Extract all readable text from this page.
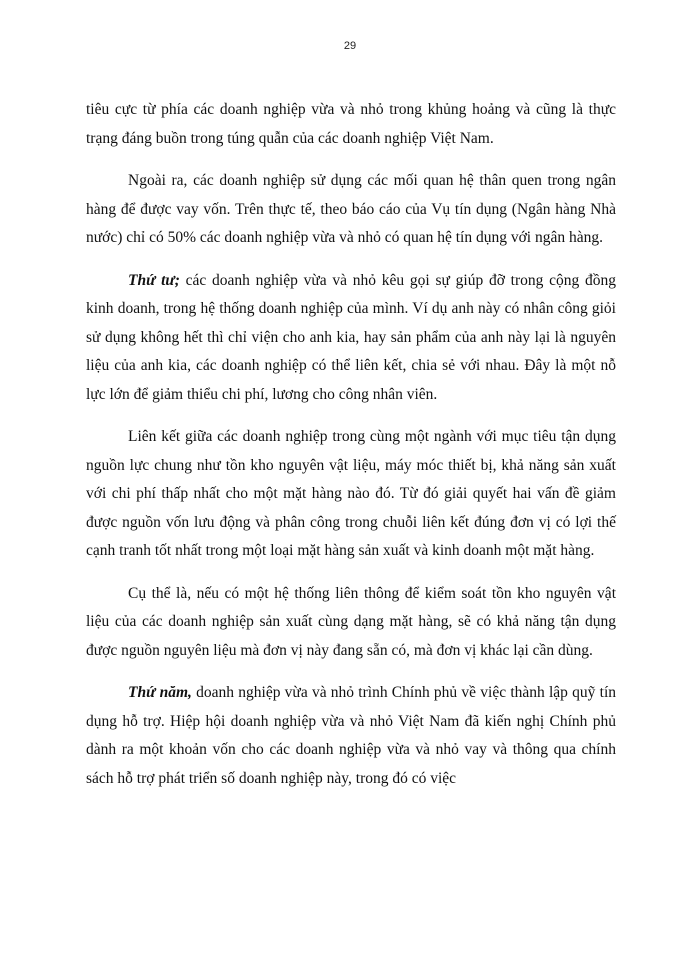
29

tiêu cực từ phía các doanh nghiệp vừa và nhỏ trong khủng hoảng và cũng là thực trạng đáng buồn trong túng quẫn của các doanh nghiệp Việt Nam.

Ngoài ra, các doanh nghiệp sử dụng các mối quan hệ thân quen trong ngân hàng để được vay vốn. Trên thực tế, theo báo cáo của Vụ tín dụng (Ngân hàng Nhà nước) chỉ có 50% các doanh nghiệp vừa và nhỏ có quan hệ tín dụng với ngân hàng.

Thứ tư; các doanh nghiệp vừa và nhỏ kêu gọi sự giúp đỡ trong cộng đồng kinh doanh, trong hệ thống doanh nghiệp của mình. Ví dụ anh này có nhân công giỏi sử dụng không hết thì chỉ viện cho anh kia, hay sản phẩm của anh này lại là nguyên liệu của anh kia, các doanh nghiệp có thể liên kết, chia sẻ với nhau. Đây là một nỗ lực lớn để giảm thiểu chi phí, lương cho công nhân viên.

Liên kết giữa các doanh nghiệp trong cùng một ngành với mục tiêu tận dụng nguồn lực chung như tồn kho nguyên vật liệu, máy móc thiết bị, khả năng sản xuất với chi phí thấp nhất cho một mặt hàng nào đó. Từ đó giải quyết hai vấn đề giảm được nguồn vốn lưu động và phân công trong chuỗi liên kết đúng đơn vị có lợi thế cạnh tranh tốt nhất trong một loại mặt hàng sản xuất và kinh doanh một mặt hàng.

Cụ thể là, nếu có một hệ thống liên thông để kiểm soát tồn kho nguyên vật liệu của các doanh nghiệp sản xuất cùng dạng mặt hàng, sẽ có khả năng tận dụng được nguồn nguyên liệu mà đơn vị này đang sẵn có, mà đơn vị khác lại cần dùng.

Thứ năm, doanh nghiệp vừa và nhỏ trình Chính phủ về việc thành lập quỹ tín dụng hỗ trợ. Hiệp hội doanh nghiệp vừa và nhỏ Việt Nam đã kiến nghị Chính phủ dành ra một khoản vốn cho các doanh nghiệp vừa và nhỏ vay và thông qua chính sách hỗ trợ phát triển số doanh nghiệp này, trong đó có việc
